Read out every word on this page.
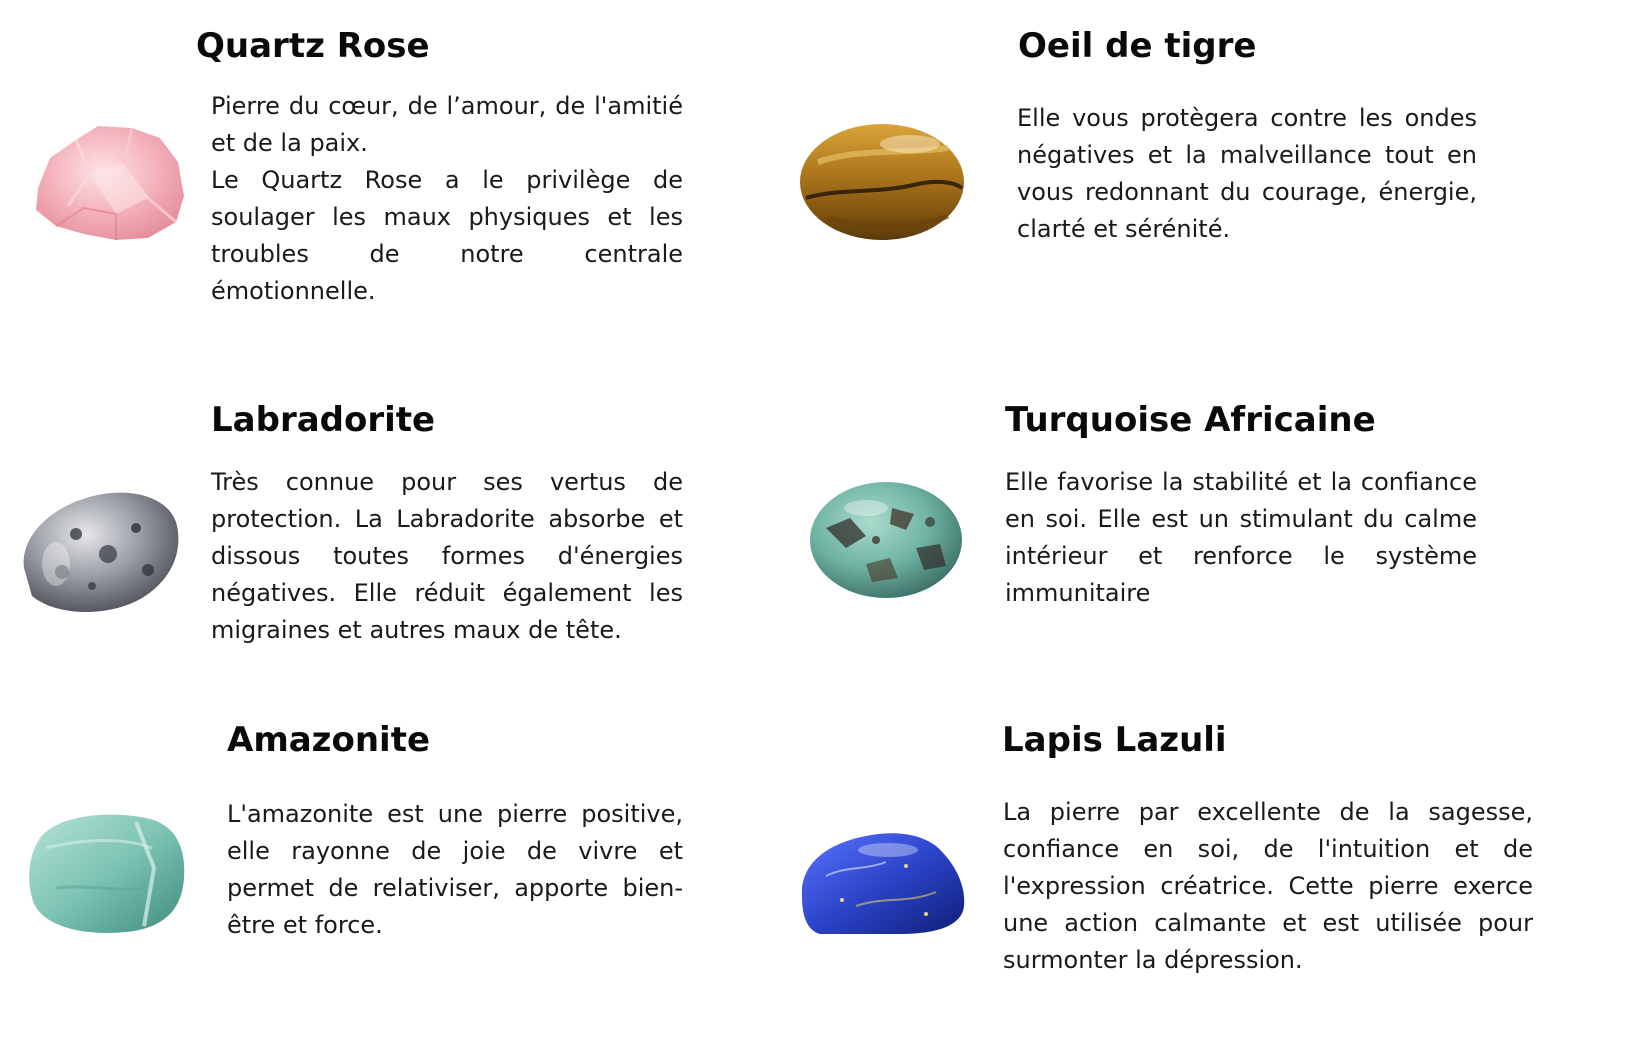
Quartz Rose

Pierre du cœur, de l’amour, de l'amitié et de la paix.

Le Quartz Rose a le privilège de soulager les maux physiques et les troubles de notre centrale émotionnelle.

Oeil de tigre

Elle vous protègera contre les ondes négatives et la malveillance tout en vous redonnant du courage, énergie, clarté et sérénité.

Labradorite

Très connue pour ses vertus de protection. La Labradorite absorbe et dissous toutes formes d'énergies négatives. Elle réduit également les migraines et autres maux de tête.

Turquoise Africaine

Elle favorise la stabilité et la confiance en soi. Elle est un stimulant du calme intérieur et renforce le système immunitaire

Amazonite

L'amazonite est une pierre positive, elle rayonne de joie de vivre et permet de relativiser, apporte bien-être et force.

Lapis Lazuli

La pierre par excellente de la sagesse, confiance en soi, de l'intuition et de l'expression créatrice. Cette pierre exerce une action calmante et est utilisée pour surmonter la dépression.
